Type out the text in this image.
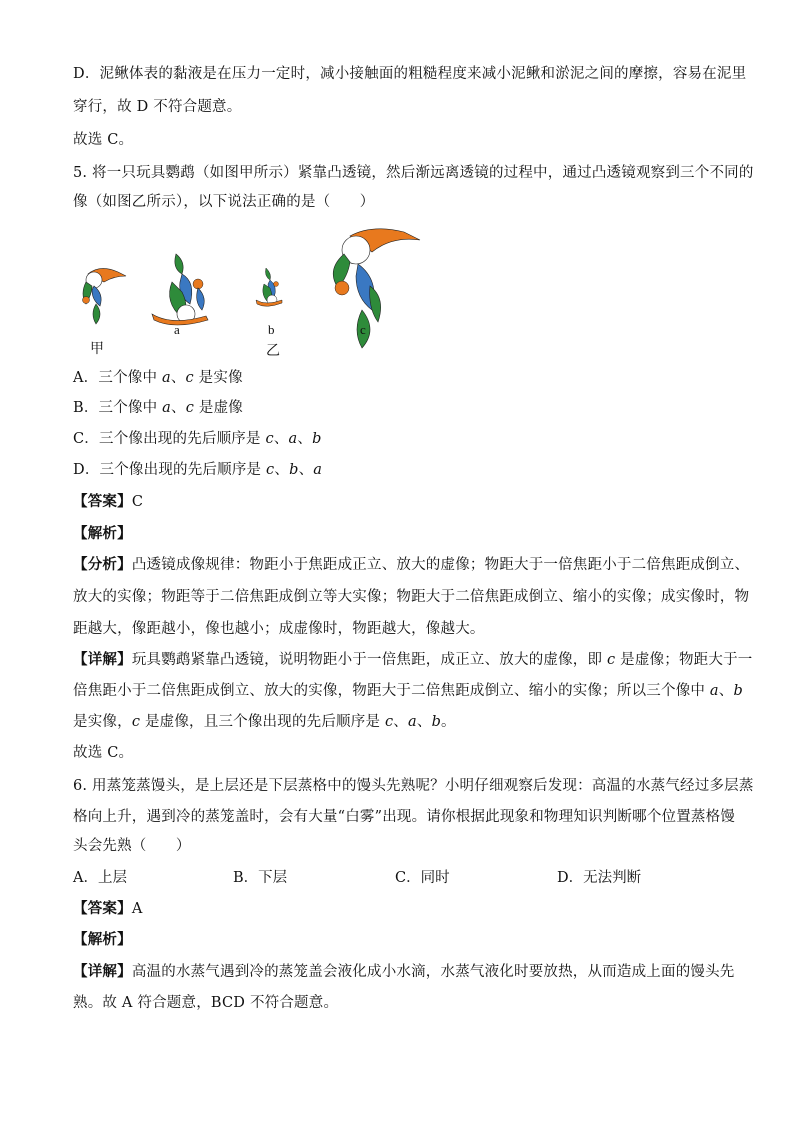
D．泥鳅体表的黏液是在压力一定时，减小接触面的粗糙程度来减小泥鳅和淤泥之间的摩擦，容易在泥里
穿行，故 D 不符合题意。
故选 C。
5. 将一只玩具鹦鹉（如图甲所示）紧靠凸透镜，然后渐远离透镜的过程中，通过凸透镜观察到三个不同的
像（如图乙所示），以下说法正确的是（　　）
a	b	c
甲	乙
A．三个像中 a、c 是实像
B．三个像中 a、c 是虚像
C．三个像出现的先后顺序是 c、a、b
D．三个像出现的先后顺序是 c、b、a
【答案】C
【解析】
【分析】凸透镜成像规律：物距小于焦距成正立、放大的虚像；物距大于一倍焦距小于二倍焦距成倒立、
放大的实像；物距等于二倍焦距成倒立等大实像；物距大于二倍焦距成倒立、缩小的实像；成实像时，物
距越大，像距越小，像也越小；成虚像时，物距越大，像越大。
【详解】玩具鹦鹉紧靠凸透镜，说明物距小于一倍焦距，成正立、放大的虚像，即 c 是虚像；物距大于一
倍焦距小于二倍焦距成倒立、放大的实像，物距大于二倍焦距成倒立、缩小的实像；所以三个像中 a、b
是实像，c 是虚像，且三个像出现的先后顺序是 c、a、b。
故选 C。
6. 用蒸笼蒸馒头，是上层还是下层蒸格中的馒头先熟呢？小明仔细观察后发现：高温的水蒸气经过多层蒸
格向上升，遇到冷的蒸笼盖时，会有大量“白雾”出现。请你根据此现象和物理知识判断哪个位置蒸格馒
头会先熟（　　）
A．上层	B．下层	C．同时	D．无法判断
【答案】A
【解析】
【详解】高温的水蒸气遇到冷的蒸笼盖会液化成小水滴，水蒸气液化时要放热，从而造成上面的馒头先
熟。故 A 符合题意，BCD 不符合题意。
